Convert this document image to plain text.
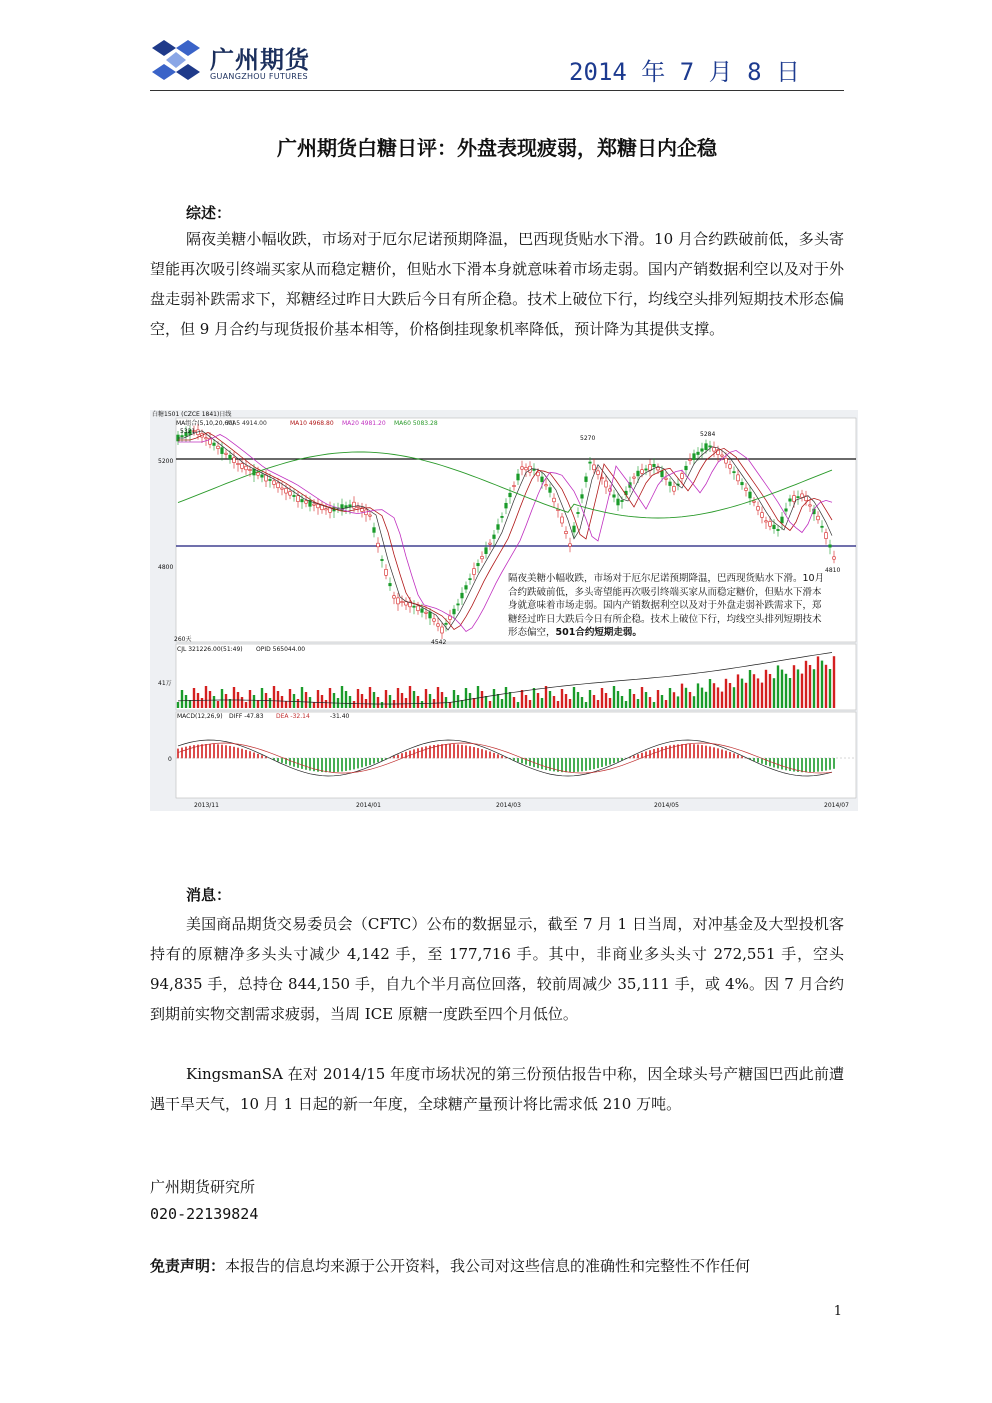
广州期货
GUANGZHOU FUTURES	2014 年 7 月 8 日
广州期货白糖日评：外盘表现疲弱，郑糖日内企稳
综述：
隔夜美糖小幅收跌，市场对于厄尔尼诺预期降温，巴西现货贴水下滑。10 月合约跌破前低，多头寄望能再次吸引终端买家从而稳定糖价，但贴水下滑本身就意味着市场走弱。国内产销数据利空以及对于外盘走弱补跌需求下，郑糖经过昨日大跌后今日有所企稳。技术上破位下行，均线空头排列短期技术形态偏空，但 9 月合约与现货报价基本相等，价格倒挂现象机率降低，预计降为其提供支撑。
白糖1501 (CZCE 1841)日线
MA组合(5,10,20,60)
MA5 4914.00	MA10 4968.80 MA20 4981.20 MA60 5083.28
5200
4800
5321
5270
5284
4542
4810
260天
CJL 321226.00(51:49) OPID 565044.00
41万
MACD(12,26,9) DIFF -47.83 DEA -32.14	-31.40
0
2013/11	2014/01	2014/03	2014/05	2014/07
隔夜美糖小幅收跌，市场对于厄尔尼诺预期降温，巴西现货贴水下滑。10月合约跌破前低，多头寄望能再次吸引终端买家从而稳定糖价，但贴水下滑本身就意味着市场走弱。国内产销数据利空以及对于外盘走弱补跌需求下，郑糖经过昨日大跌后今日有所企稳。技术上破位下行，均线空头排列短期技术形态偏空，501合约短期走弱。
消息：
美国商品期货交易委员会（CFTC）公布的数据显示，截至 7 月 1 日当周，对冲基金及大型投机客持有的原糖净多头头寸减少 4,142 手，至 177,716 手。其中，非商业多头头寸 272,551 手，空头 94,835 手，总持仓 844,150 手，自九个半月高位回落，较前周减少 35,111 手，或 4%。因 7 月合约到期前实物交割需求疲弱，当周 ICE 原糖一度跌至四个月低位。
KingsmanSA 在对 2014/15 年度市场状况的第三份预估报告中称，因全球头号产糖国巴西此前遭遇干旱天气，10 月 1 日起的新一年度，全球糖产量预计将比需求低 210 万吨。
广州期货研究所
020-22139824
免责声明：本报告的信息均来源于公开资料，我公司对这些信息的准确性和完整性不作任何
1
